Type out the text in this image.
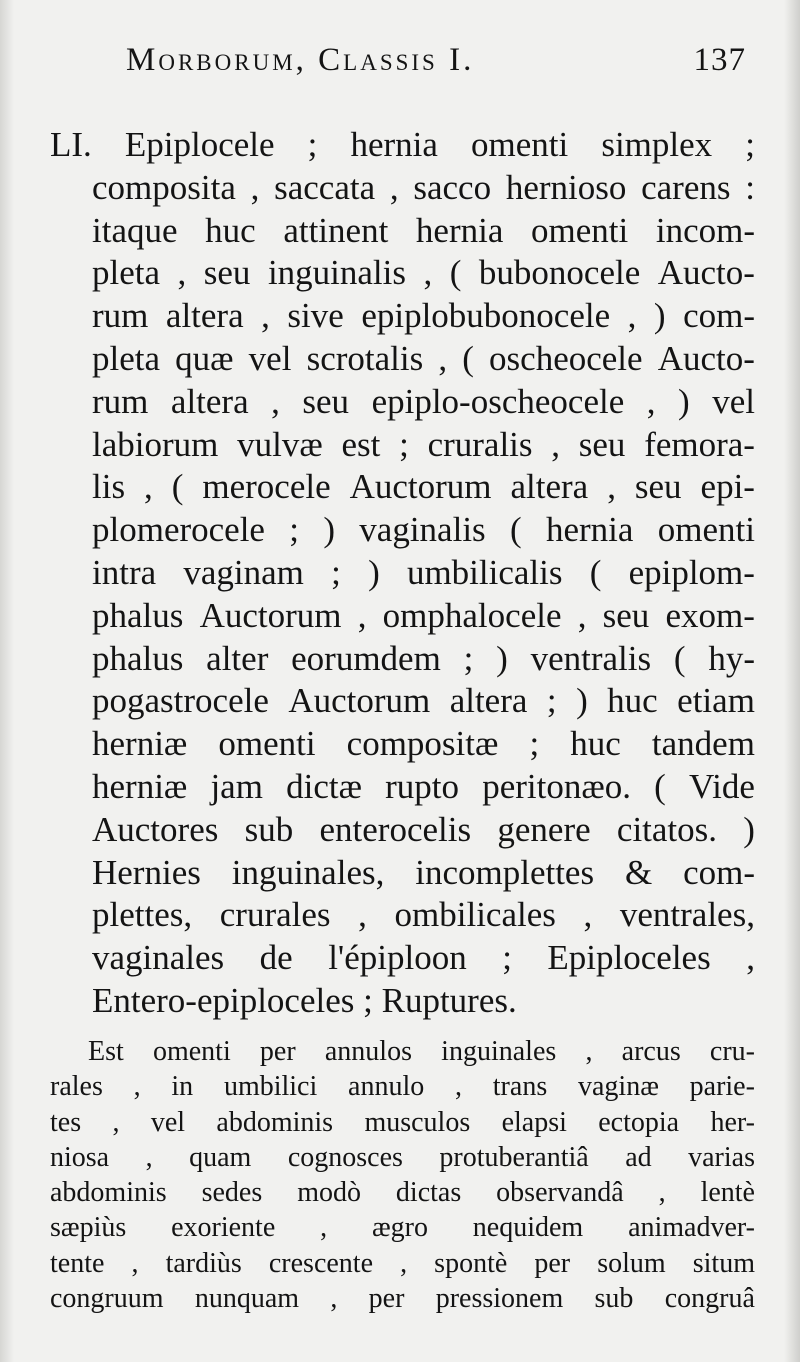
Morborum, Classis I.	137
LI. Epiplocele ; hernia omenti simplex ;
composita , saccata , sacco hernioso carens :
itaque huc attinent hernia omenti incom-
pleta , seu inguinalis , ( bubonocele Aucto-
rum altera , sive epiplobubonocele , ) com-
pleta quæ vel scrotalis , ( oscheocele Aucto-
rum altera , seu epiplo-oscheocele , ) vel
labiorum vulvæ est ; cruralis , seu femora-
lis , ( merocele Auctorum altera , seu epi-
plomerocele ; ) vaginalis ( hernia omenti
intra vaginam ; ) umbilicalis ( epiplom-
phalus Auctorum , omphalocele , seu exom-
phalus alter eorumdem ; ) ventralis ( hy-
pogastrocele Auctorum altera ; ) huc etiam
herniæ omenti compositæ ; huc tandem
herniæ jam dictæ rupto peritonæo. ( Vide
Auctores sub enterocelis genere citatos. )
Hernies inguinales, incomplettes & com-
plettes, crurales , ombilicales , ventrales,
vaginales de l'épiploon ; Epiploceles ,
Entero-epiploceles ; Ruptures.
Est omenti per annulos inguinales , arcus cru-
rales , in umbilici annulo , trans vaginæ pariе-
tes , vel abdominis musculos elapsi ectopia her-
niosa , quam cognosces protuberantiâ ad varias
abdominis sedes modò dictas observandâ , lentè
sæpiùs exoriente , ægro nequidem animadver-
tente , tardiùs crescente , spontè per solum situm
congruum nunquam , per pressionem sub congruâ
